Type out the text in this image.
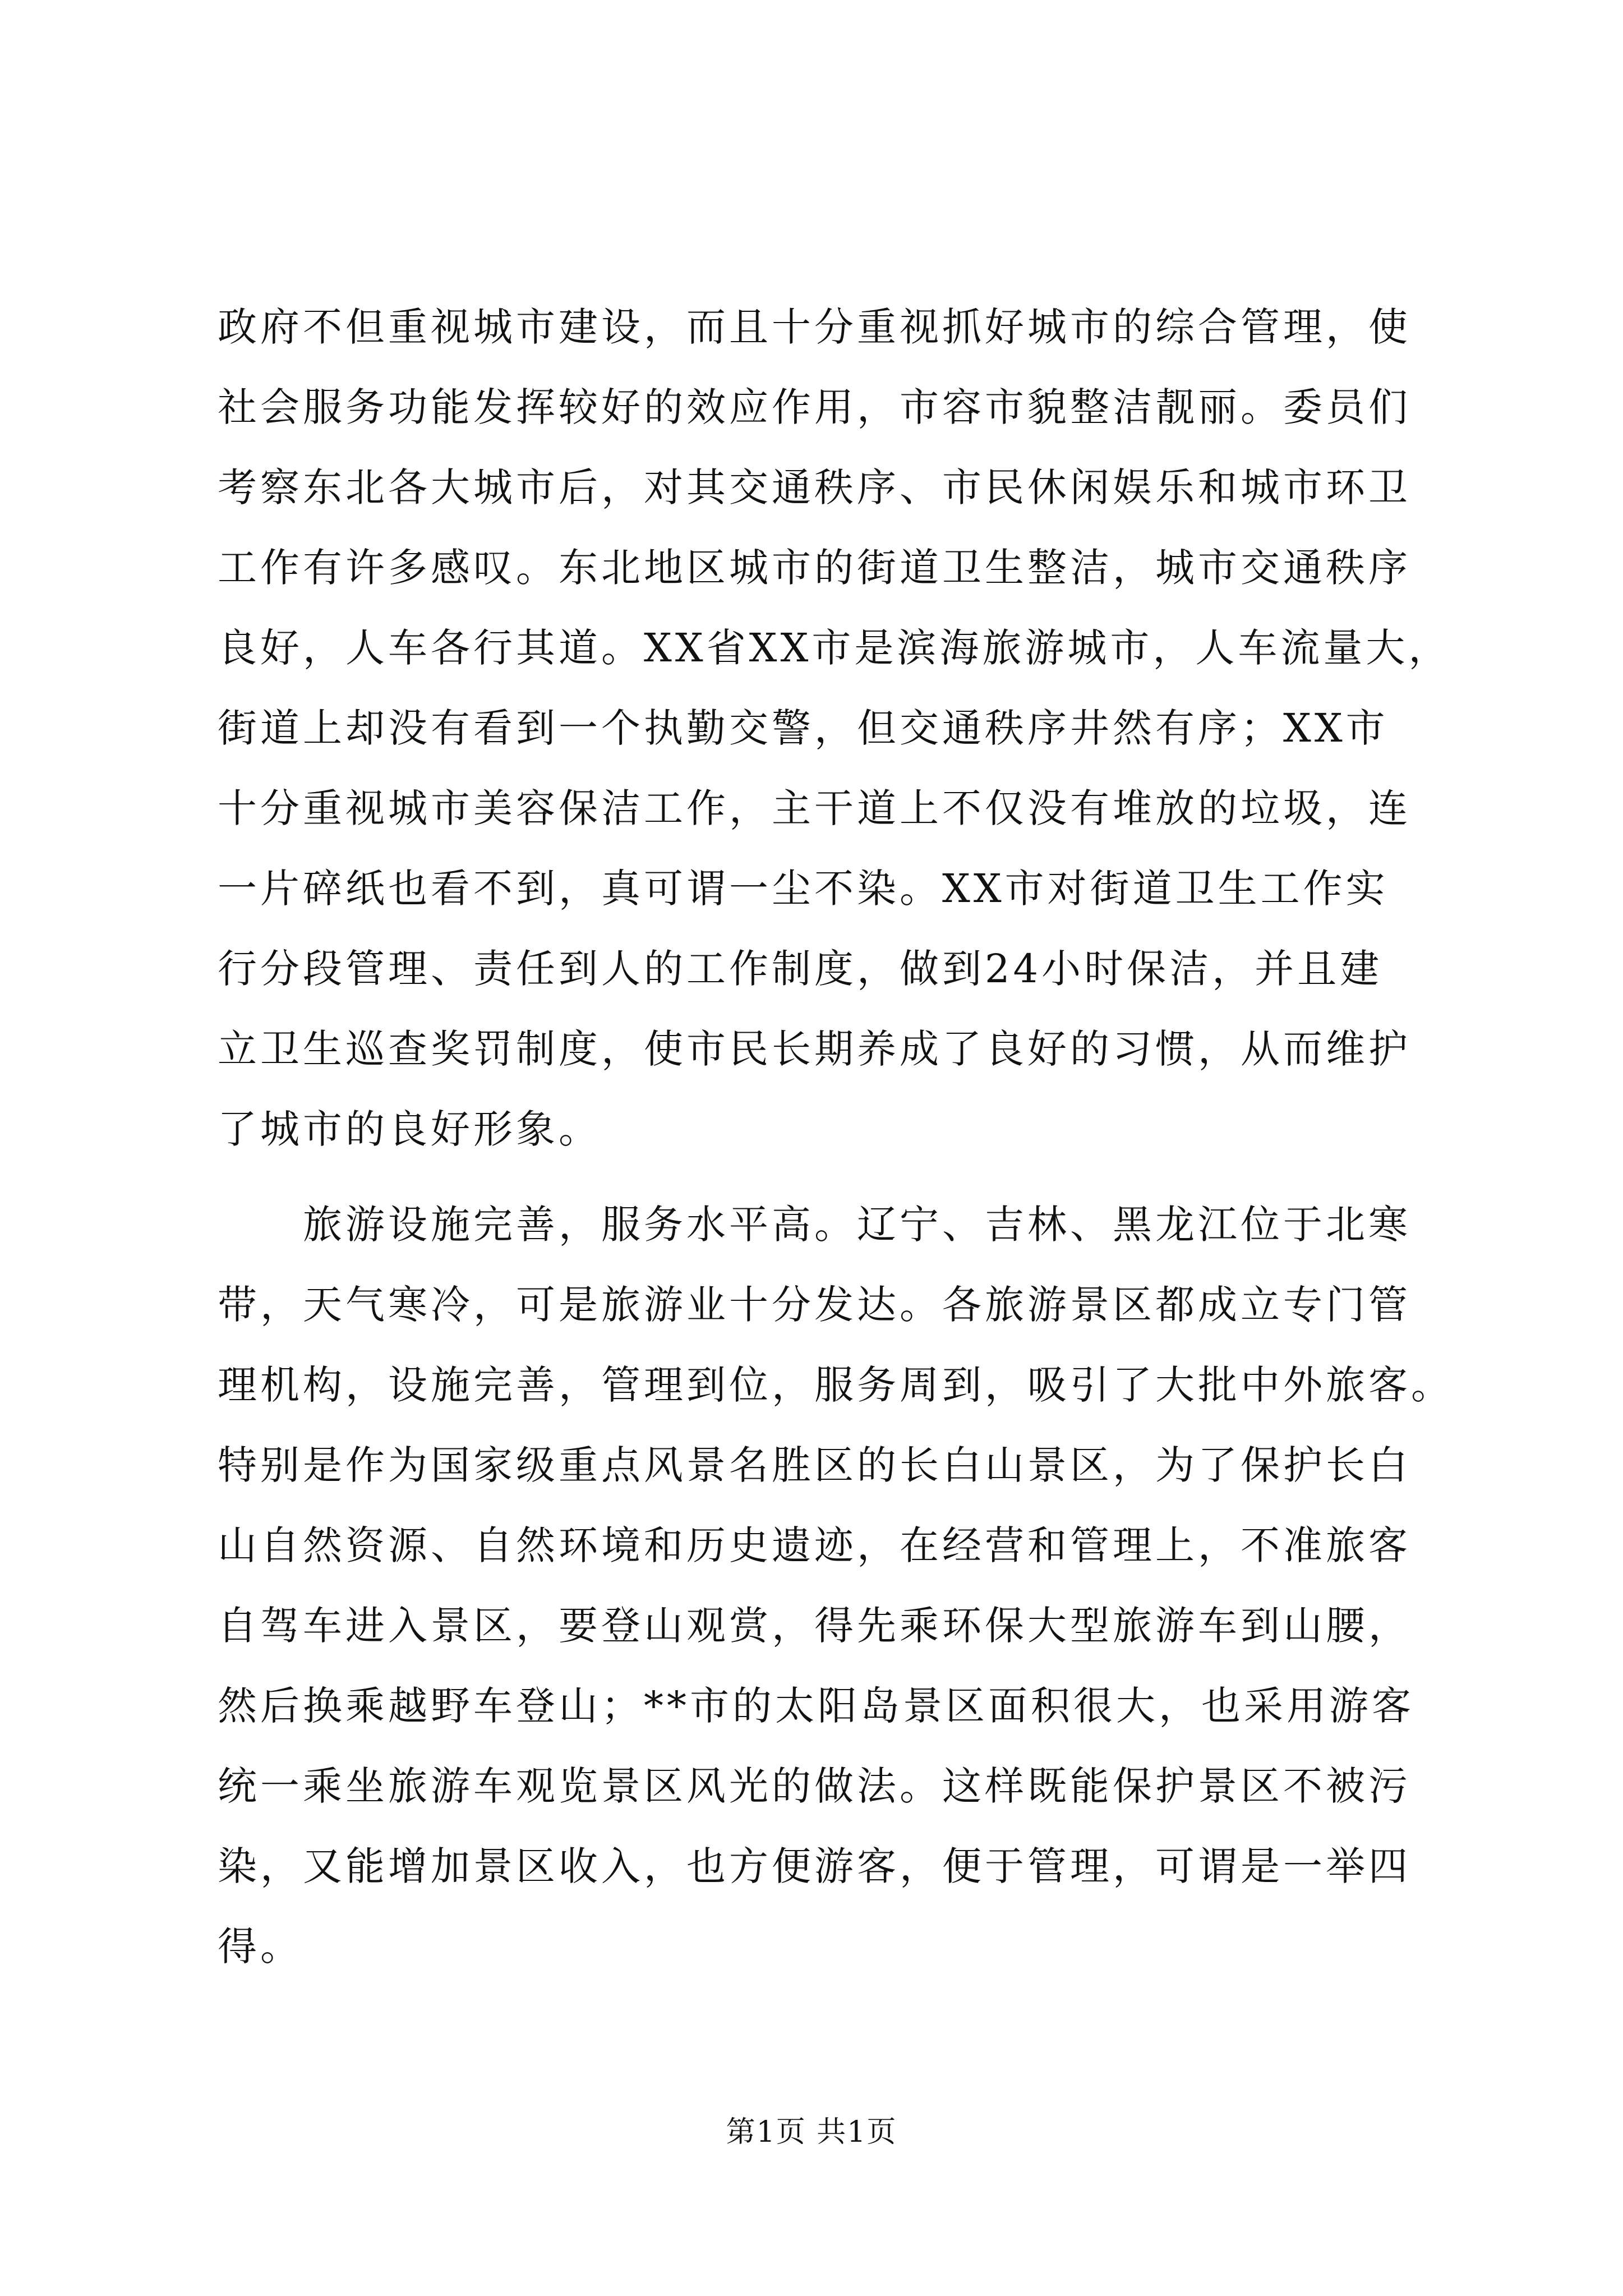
政府不但重视城市建设，而且十分重视抓好城市的综合管理，使
社会服务功能发挥较好的效应作用，市容市貌整洁靓丽。委员们
考察东北各大城市后，对其交通秩序、市民休闲娱乐和城市环卫
工作有许多感叹。东北地区城市的街道卫生整洁，城市交通秩序
良好，人车各行其道。XX省XX市是滨海旅游城市，人车流量大，
街道上却没有看到一个执勤交警，但交通秩序井然有序；XX市
十分重视城市美容保洁工作，主干道上不仅没有堆放的垃圾，连
一片碎纸也看不到，真可谓一尘不染。XX市对街道卫生工作实
行分段管理、责任到人的工作制度，做到24小时保洁，并且建
立卫生巡查奖罚制度，使市民长期养成了良好的习惯，从而维护
了城市的良好形象。
旅游设施完善，服务水平高。辽宁、吉林、黑龙江位于北寒
带，天气寒冷，可是旅游业十分发达。各旅游景区都成立专门管
理机构，设施完善，管理到位，服务周到，吸引了大批中外旅客。
特别是作为国家级重点风景名胜区的长白山景区，为了保护长白
山自然资源、自然环境和历史遗迹，在经营和管理上，不准旅客
自驾车进入景区，要登山观赏，得先乘环保大型旅游车到山腰，
然后换乘越野车登山；**市的太阳岛景区面积很大，也采用游客
统一乘坐旅游车观览景区风光的做法。这样既能保护景区不被污
染，又能增加景区收入，也方便游客，便于管理，可谓是一举四
得。
第1页 共1页
